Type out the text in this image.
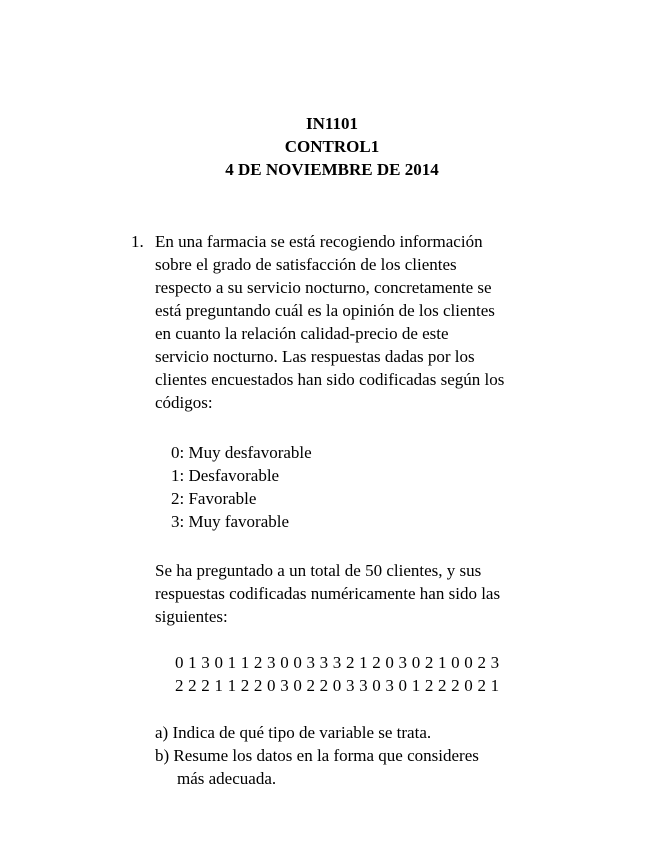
IN1101
CONTROL1
4 DE NOVIEMBRE DE 2014
1. En una farmacia se está recogiendo información
sobre el grado de satisfacción de los clientes
respecto a su servicio nocturno, concretamente se
está preguntando cuál es la opinión de los clientes
en cuanto la relación calidad-precio de este
servicio nocturno. Las respuestas dadas por los
clientes encuestados han sido codificadas según los
códigos:
0: Muy desfavorable
1: Desfavorable
2: Favorable
3: Muy favorable
Se ha preguntado a un total de 50 clientes, y sus
respuestas codificadas numéricamente han sido las
siguientes:
0 1 3 0 1 1 2 3 0 0 3 3 3 2 1 2 0 3 0 2 1 0 0 2 3
2 2 2 1 1 2 2 0 3 0 2 2 0 3 3 0 3 0 1 2 2 2 0 2 1
a) Indica de qué tipo de variable se trata.
b) Resume los datos en la forma que consideres
más adecuada.
